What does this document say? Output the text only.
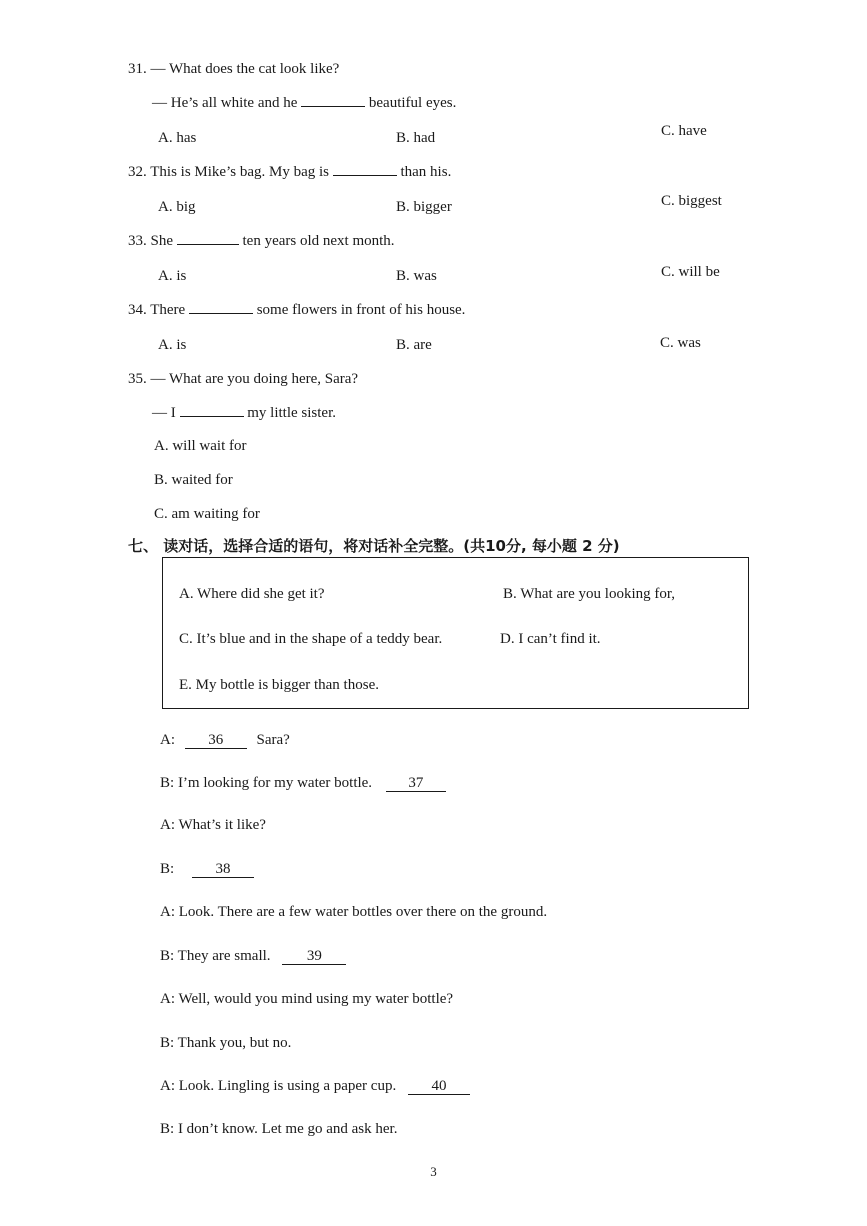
31. — What does the cat look like?
— He’s all white and he	beautiful eyes.
A. has	B. had	C. have
32. This is Mike’s bag. My bag is	than his.
A. big	B. bigger	C. biggest
33. She	ten years old next month.
A. is	B. was	C. will be
34. There	some flowers in front of his house.
A. is	B. are	C. was
35. — What are you doing here, Sara?
— I	my little sister.
A. will wait for
B. waited for
C. am waiting for
七、 读对话，选择合适的语句，将对话补全完整。(共10分, 每小题 2 分)
A. Where did she get it?	B. What are you looking for,
C. It’s blue and in the shape of a teddy bear.	D. I can’t find it.
E. My bottle is bigger than those.
A: 36 Sara?
B: I’m looking for my water bottle. 37
A: What’s it like?
B:	38
A: Look. There are a few water bottles over there on the ground.
B: They are small. 39
A: Well, would you mind using my water bottle?
B: Thank you, but no.
A: Look. Lingling is using a paper cup. 40
B: I don’t know. Let me go and ask her.
3
